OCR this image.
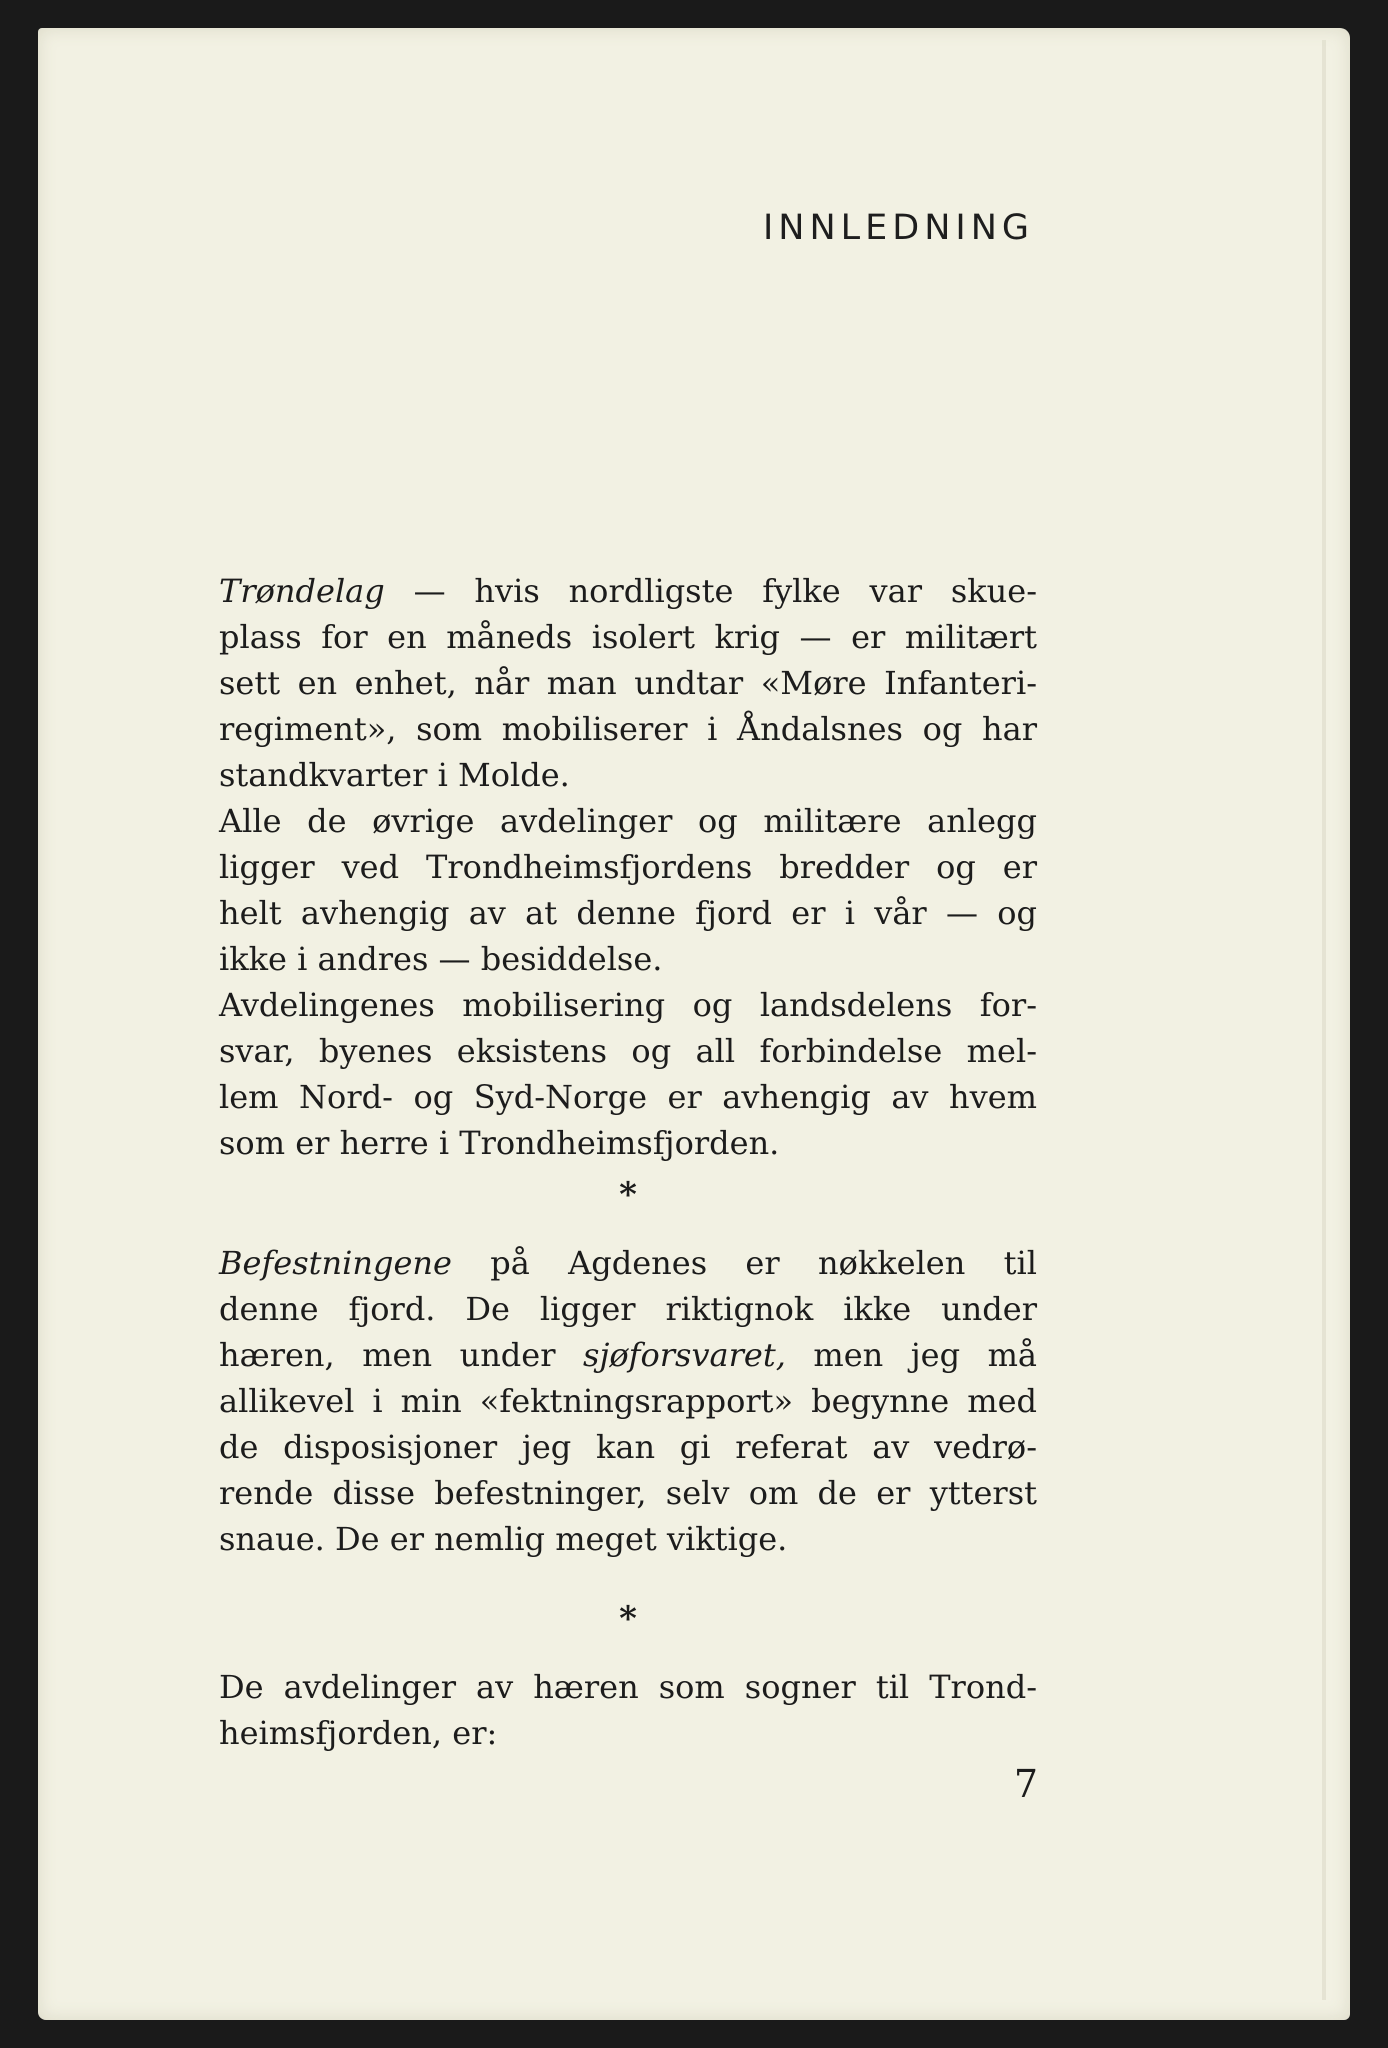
INNLEDNING
Trøndelag — hvis nordligste fylke var skue-
plass for en måneds isolert krig — er militært
sett en enhet, når man undtar «Møre Infanteri-
regiment», som mobiliserer i Åndalsnes og har
standkvarter i Molde.
Alle de øvrige avdelinger og militære anlegg
ligger ved Trondheimsfjordens bredder og er
helt avhengig av at denne fjord er i vår — og
ikke i andres — besiddelse.
Avdelingenes mobilisering og landsdelens for-
svar, byenes eksistens og all forbindelse mel-
lem Nord- og Syd-Norge er avhengig av hvem
som er herre i Trondheimsfjorden.
*
Befestningene på Agdenes er nøkkelen til
denne fjord. De ligger riktignok ikke under
hæren, men under sjøforsvaret, men jeg må
allikevel i min «fektningsrapport» begynne med
de disposisjoner jeg kan gi referat av vedrø-
rende disse befestninger, selv om de er ytterst
snaue. De er nemlig meget viktige.
*
De avdelinger av hæren som sogner til Trond-
heimsfjorden, er:
7
